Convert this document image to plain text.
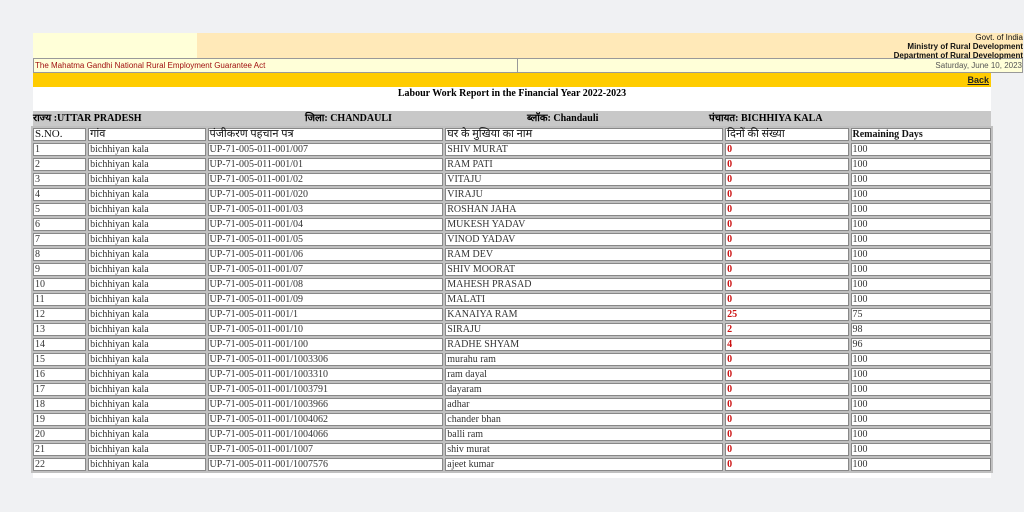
Govt. of India
Ministry of Rural Development
Department of Rural Development
The Mahatma Gandhi National Rural Employment Guarantee Act	Saturday, June 10, 2023
Back
Labour Work Report in the Financial Year 2022-2023
राज्य :UTTAR PRADESH	जिला: CHANDAULI	ब्लॉक: Chandauli	पंचायत: BICHHIYA KALA
S.NO.	गांव	पंजीकरण पहचान पत्र	घर के मुखिया का नाम	दिनों की संख्या	Remaining Days
1	bichhiyan kala	UP-71-005-011-001/007	SHIV MURAT	0	100
2	bichhiyan kala	UP-71-005-011-001/01	RAM PATI	0	100
3	bichhiyan kala	UP-71-005-011-001/02	VITAJU	0	100
4	bichhiyan kala	UP-71-005-011-001/020	VIRAJU	0	100
5	bichhiyan kala	UP-71-005-011-001/03	ROSHAN JAHA	0	100
6	bichhiyan kala	UP-71-005-011-001/04	MUKESH YADAV	0	100
7	bichhiyan kala	UP-71-005-011-001/05	VINOD YADAV	0	100
8	bichhiyan kala	UP-71-005-011-001/06	RAM DEV	0	100
9	bichhiyan kala	UP-71-005-011-001/07	SHIV MOORAT	0	100
10	bichhiyan kala	UP-71-005-011-001/08	MAHESH PRASAD	0	100
11	bichhiyan kala	UP-71-005-011-001/09	MALATI	0	100
12	bichhiyan kala	UP-71-005-011-001/1	KANAIYA RAM	25	75
13	bichhiyan kala	UP-71-005-011-001/10	SIRAJU	2	98
14	bichhiyan kala	UP-71-005-011-001/100	RADHE SHYAM	4	96
15	bichhiyan kala	UP-71-005-011-001/1003306	murahu ram	0	100
16	bichhiyan kala	UP-71-005-011-001/1003310	ram dayal	0	100
17	bichhiyan kala	UP-71-005-011-001/1003791	dayaram	0	100
18	bichhiyan kala	UP-71-005-011-001/1003966	adhar	0	100
19	bichhiyan kala	UP-71-005-011-001/1004062	chander bhan	0	100
20	bichhiyan kala	UP-71-005-011-001/1004066	balli ram	0	100
21	bichhiyan kala	UP-71-005-011-001/1007	shiv murat	0	100
22	bichhiyan kala	UP-71-005-011-001/1007576	ajeet kumar	0	100
